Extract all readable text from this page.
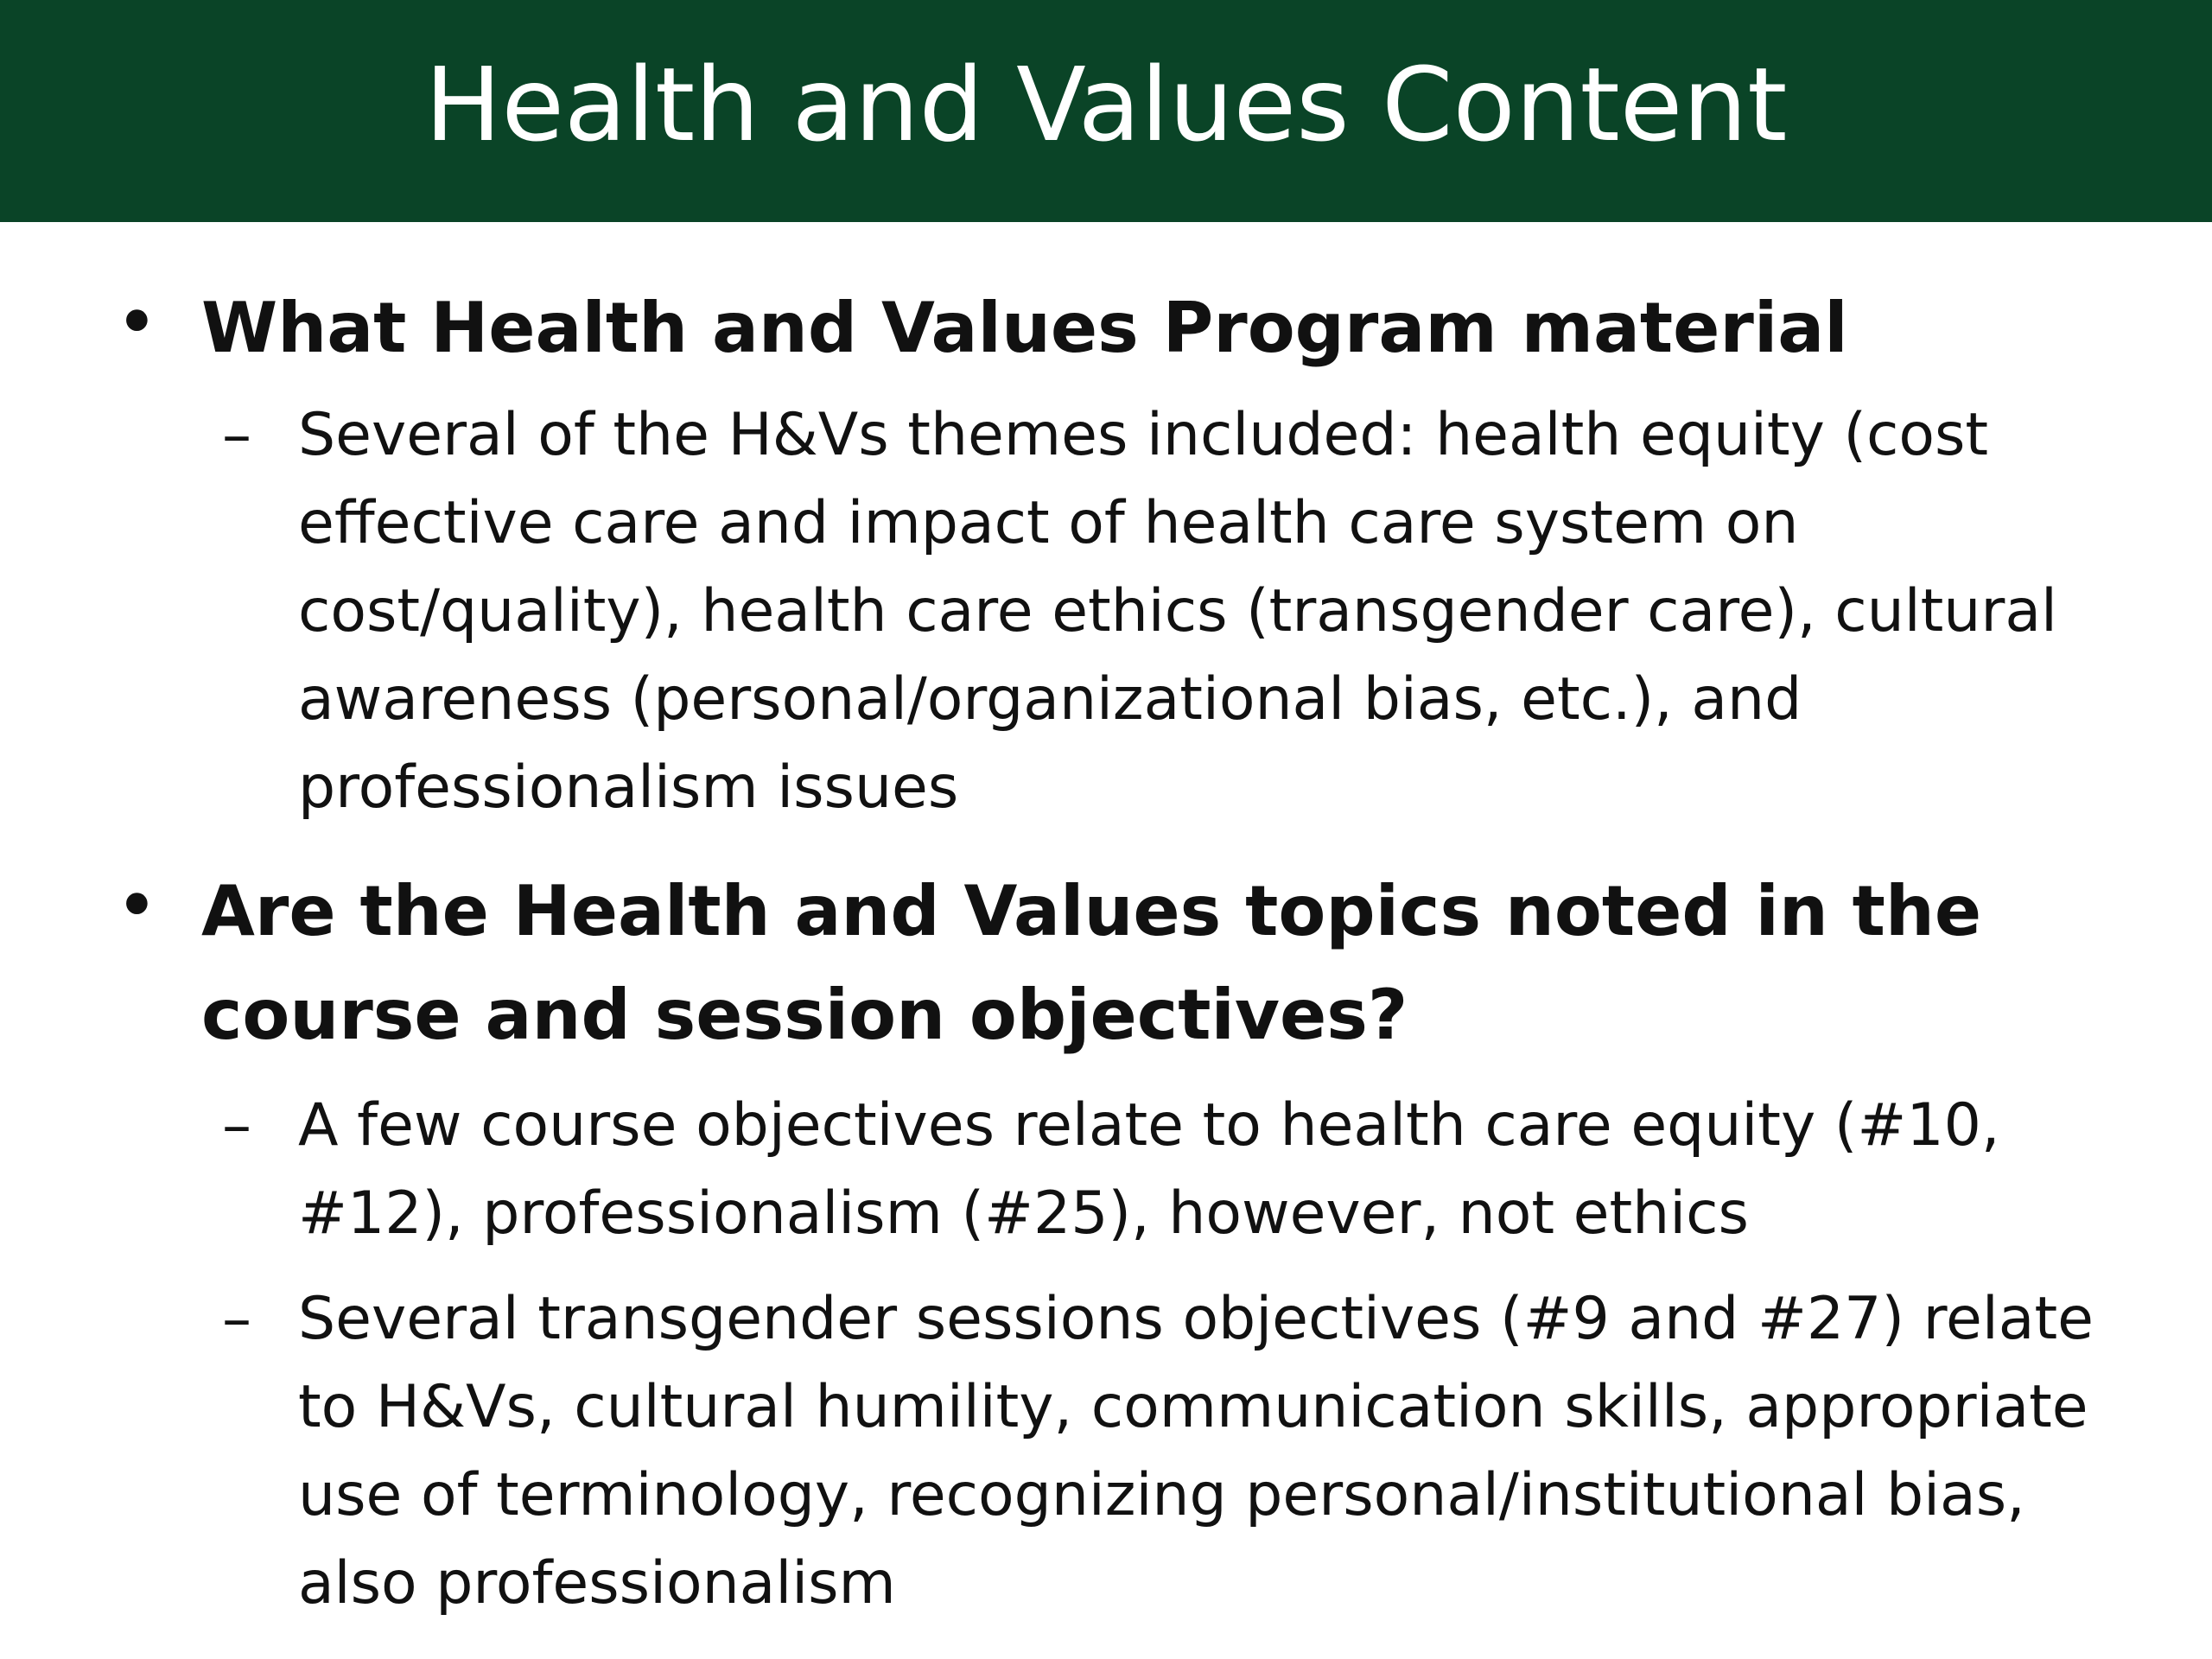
Health and Values Content
• What Health and Values Program material

– Several of the H&Vs themes included: health equity (cost effective care and impact of health care system on cost/quality), health care ethics (transgender care), cultural awareness (personal/organizational bias, etc.), and professionalism issues

• Are the Health and Values topics noted in the course and session objectives?

– A few course objectives relate to health care equity (#10, #12), professionalism (#25), however, not ethics

– Several transgender sessions objectives (#9 and #27) relate to H&Vs, cultural humility, communication skills, appropriate use of terminology, recognizing personal/institutional bias, also professionalism
